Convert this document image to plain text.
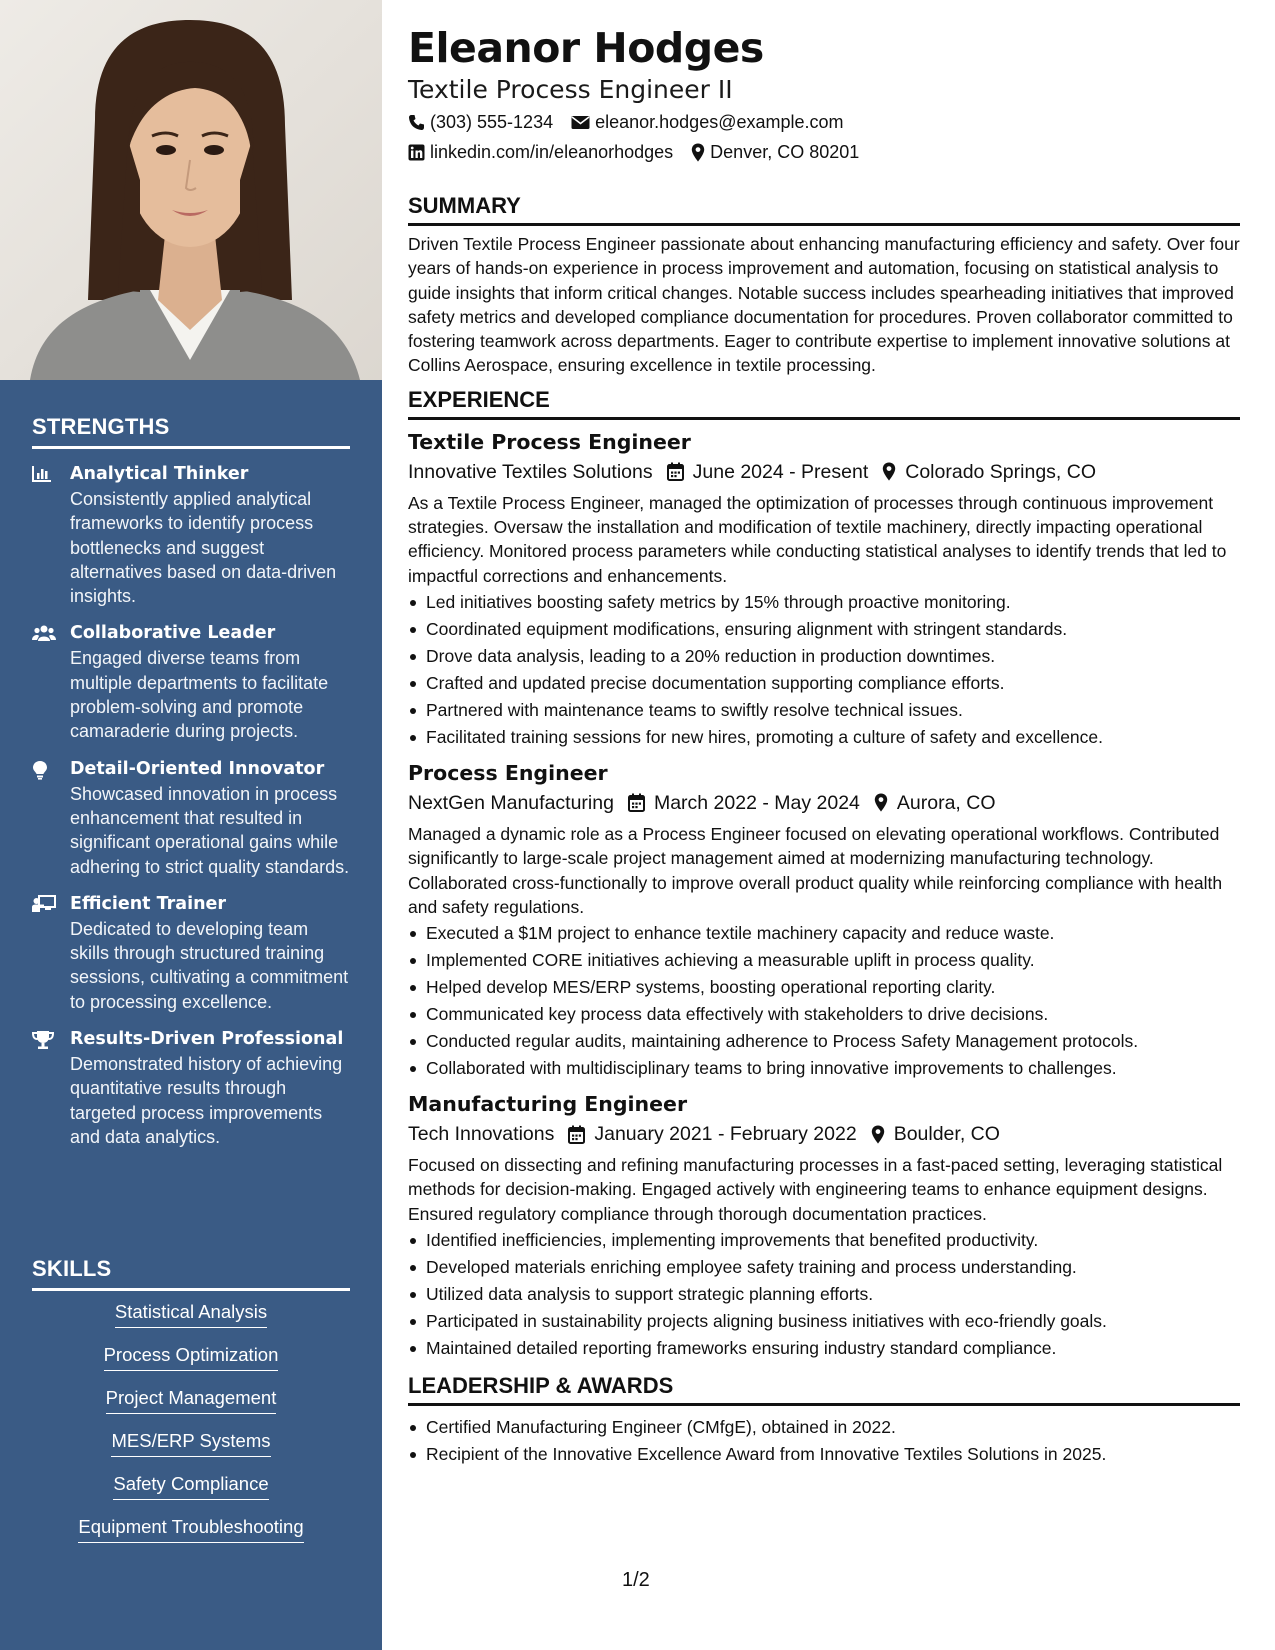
STRENGTHS
Analytical Thinker
Consistently applied analytical frameworks to identify process bottlenecks and suggest alternatives based on data-driven insights.
Collaborative Leader
Engaged diverse teams from multiple departments to facilitate problem-solving and promote camaraderie during projects.
Detail-Oriented Innovator
Showcased innovation in process enhancement that resulted in significant operational gains while adhering to strict quality standards.
Efficient Trainer
Dedicated to developing team skills through structured training sessions, cultivating a commitment to processing excellence.
Results-Driven Professional
Demonstrated history of achieving quantitative results through targeted process improvements and data analytics.
SKILLS
Statistical Analysis
Process Optimization
Project Management
MES/ERP Systems
Safety Compliance
Equipment Troubleshooting
Eleanor Hodges
Textile Process Engineer II
(303) 555-1234 eleanor.hodges@example.com
linkedin.com/in/eleanorhodges Denver, CO 80201
SUMMARY
Driven Textile Process Engineer passionate about enhancing manufacturing efficiency and safety. Over four years of hands-on experience in process improvement and automation, focusing on statistical analysis to guide insights that inform critical changes. Notable success includes spearheading initiatives that improved safety metrics and developed compliance documentation for procedures. Proven collaborator committed to fostering teamwork across departments. Eager to contribute expertise to implement innovative solutions at Collins Aerospace, ensuring excellence in textile processing.
EXPERIENCE
Textile Process Engineer
Innovative Textiles Solutions June 2024 - Present Colorado Springs, CO
As a Textile Process Engineer, managed the optimization of processes through continuous improvement strategies. Oversaw the installation and modification of textile machinery, directly impacting operational efficiency. Monitored process parameters while conducting statistical analyses to identify trends that led to impactful corrections and enhancements.
Led initiatives boosting safety metrics by 15% through proactive monitoring.
Coordinated equipment modifications, ensuring alignment with stringent standards.
Drove data analysis, leading to a 20% reduction in production downtimes.
Crafted and updated precise documentation supporting compliance efforts.
Partnered with maintenance teams to swiftly resolve technical issues.
Facilitated training sessions for new hires, promoting a culture of safety and excellence.
Process Engineer
NextGen Manufacturing March 2022 - May 2024 Aurora, CO
Managed a dynamic role as a Process Engineer focused on elevating operational workflows. Contributed significantly to large-scale project management aimed at modernizing manufacturing technology. Collaborated cross-functionally to improve overall product quality while reinforcing compliance with health and safety regulations.
Executed a $1M project to enhance textile machinery capacity and reduce waste.
Implemented CORE initiatives achieving a measurable uplift in process quality.
Helped develop MES/ERP systems, boosting operational reporting clarity.
Communicated key process data effectively with stakeholders to drive decisions.
Conducted regular audits, maintaining adherence to Process Safety Management protocols.
Collaborated with multidisciplinary teams to bring innovative improvements to challenges.
Manufacturing Engineer
Tech Innovations January 2021 - February 2022 Boulder, CO
Focused on dissecting and refining manufacturing processes in a fast-paced setting, leveraging statistical methods for decision-making. Engaged actively with engineering teams to enhance equipment designs. Ensured regulatory compliance through thorough documentation practices.
Identified inefficiencies, implementing improvements that benefited productivity.
Developed materials enriching employee safety training and process understanding.
Utilized data analysis to support strategic planning efforts.
Participated in sustainability projects aligning business initiatives with eco-friendly goals.
Maintained detailed reporting frameworks ensuring industry standard compliance.
LEADERSHIP & AWARDS
Certified Manufacturing Engineer (CMfgE), obtained in 2022.
Recipient of the Innovative Excellence Award from Innovative Textiles Solutions in 2025.
1/2
